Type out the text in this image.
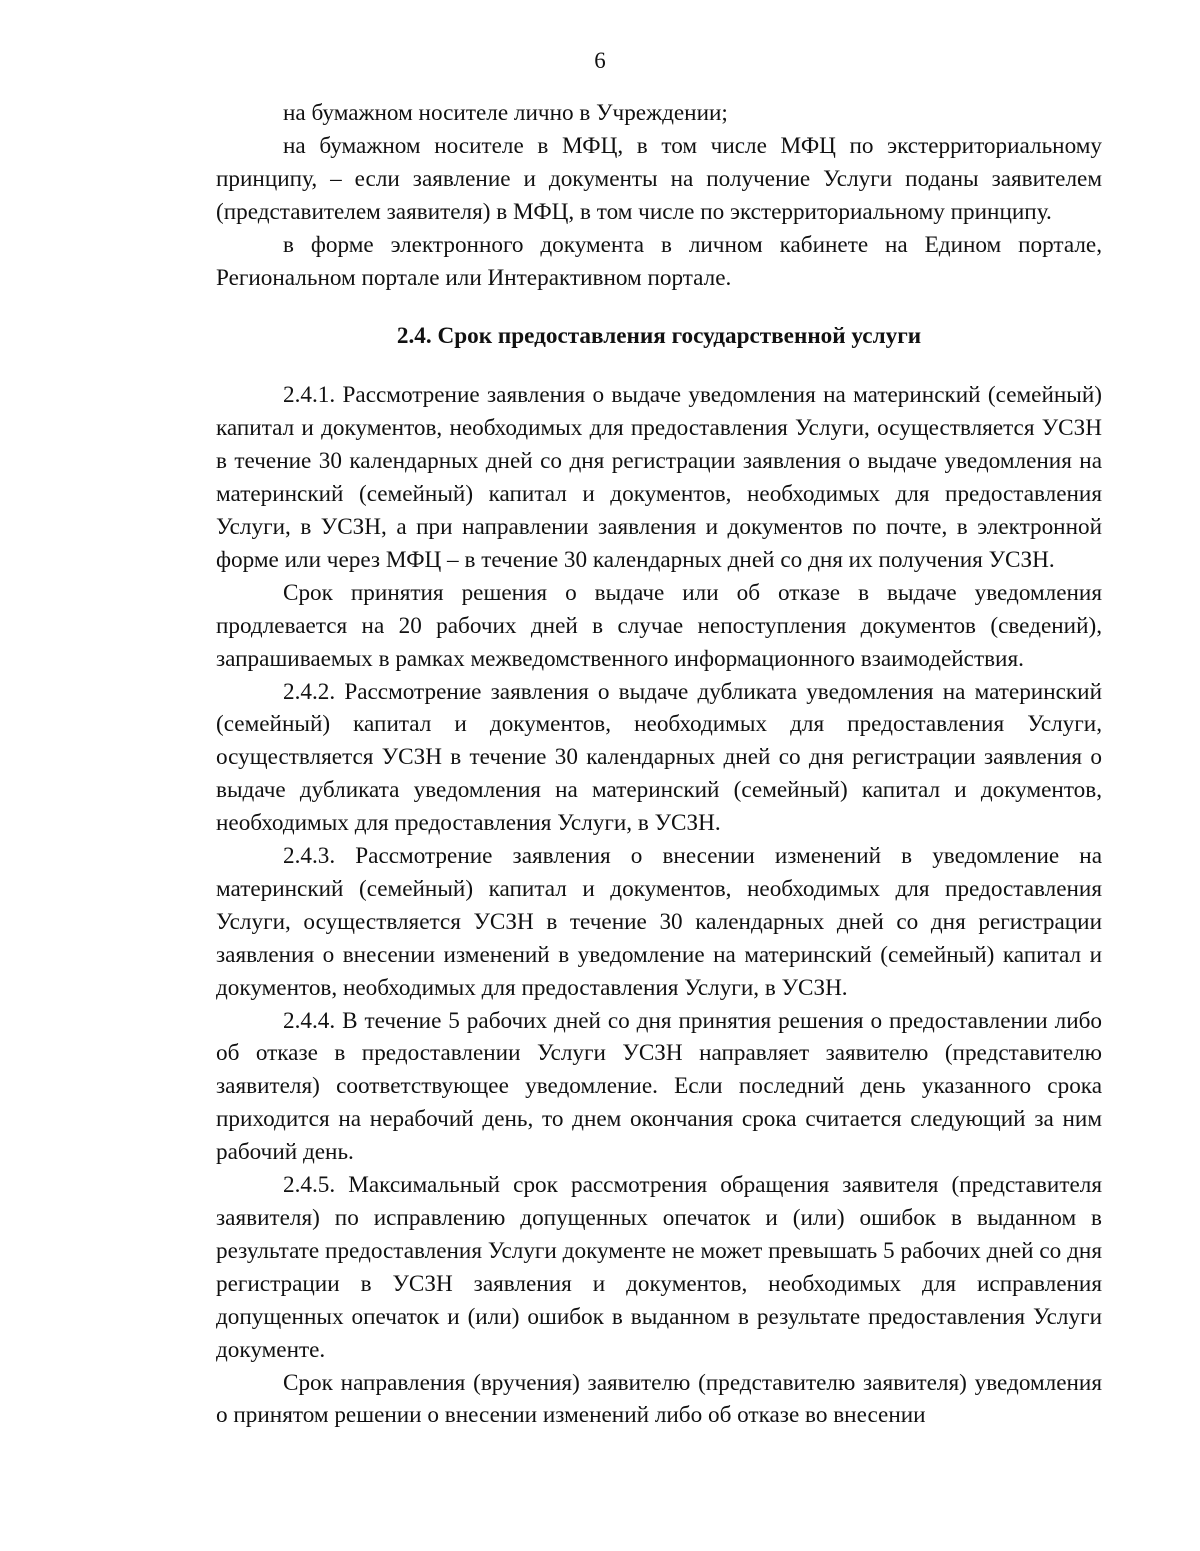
6

на бумажном носителе лично в Учреждении;

на бумажном носителе в МФЦ, в том числе МФЦ по экстерриториальному принципу, – если заявление и документы на получение Услуги поданы заявителем (представителем заявителя) в МФЦ, в том числе по экстерриториальному принципу.

в форме электронного документа в личном кабинете на Едином портале, Региональном портале или Интерактивном портале.

2.4. Срок предоставления государственной услуги

2.4.1. Рассмотрение заявления о выдаче уведомления на материнский (семейный) капитал и документов, необходимых для предоставления Услуги, осуществляется УСЗН в течение 30 календарных дней со дня регистрации заявления о выдаче уведомления на материнский (семейный) капитал и документов, необходимых для предоставления Услуги, в УСЗН, а при направлении заявления и документов по почте, в электронной форме или через МФЦ – в течение 30 календарных дней со дня их получения УСЗН.

Срок принятия решения о выдаче или об отказе в выдаче уведомления продлевается на 20 рабочих дней в случае непоступления документов (сведений), запрашиваемых в рамках межведомственного информационного взаимодействия.

2.4.2. Рассмотрение заявления о выдаче дубликата уведомления на материнский (семейный) капитал и документов, необходимых для предоставления Услуги, осуществляется УСЗН в течение 30 календарных дней со дня регистрации заявления о выдаче дубликата уведомления на материнский (семейный) капитал и документов, необходимых для предоставления Услуги, в УСЗН.

2.4.3. Рассмотрение заявления о внесении изменений в уведомление на материнский (семейный) капитал и документов, необходимых для предоставления Услуги, осуществляется УСЗН в течение 30 календарных дней со дня регистрации заявления о внесении изменений в уведомление на материнский (семейный) капитал и документов, необходимых для предоставления Услуги, в УСЗН.

2.4.4. В течение 5 рабочих дней со дня принятия решения о предоставлении либо об отказе в предоставлении Услуги УСЗН направляет заявителю (представителю заявителя) соответствующее уведомление. Если последний день указанного срока приходится на нерабочий день, то днем окончания срока считается следующий за ним рабочий день.

2.4.5. Максимальный срок рассмотрения обращения заявителя (представителя заявителя) по исправлению допущенных опечаток и (или) ошибок в выданном в результате предоставления Услуги документе не может превышать 5 рабочих дней со дня регистрации в УСЗН заявления и документов, необходимых для исправления допущенных опечаток и (или) ошибок в выданном в результате предоставления Услуги документе.

Срок направления (вручения) заявителю (представителю заявителя) уведомления о принятом решении о внесении изменений либо об отказе во внесении
